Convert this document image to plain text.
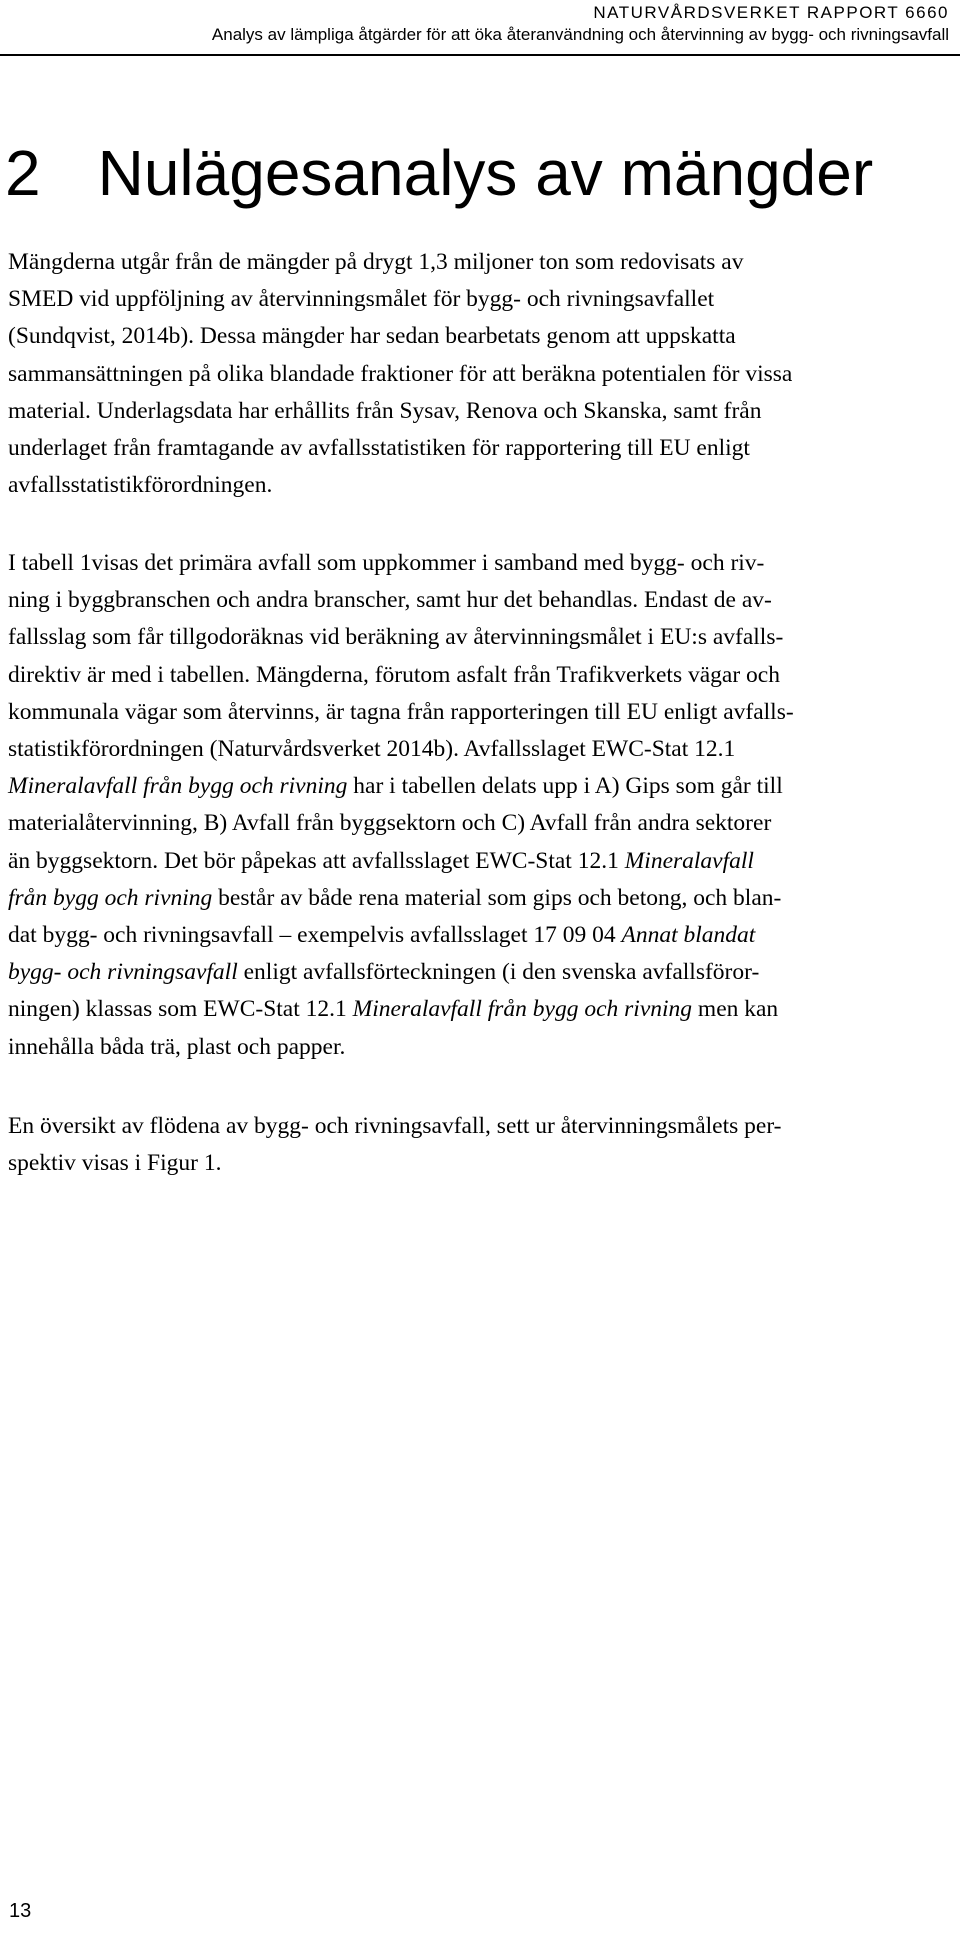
NATURVÅRDSVERKET RAPPORT 6660
Analys av lämpliga åtgärder för att öka återanvändning och återvinning av bygg- och rivningsavfall
2 Nulägesanalys av mängder

Mängderna utgår från de mängder på drygt 1,3 miljoner ton som redovisats av
SMED vid uppföljning av återvinningsmålet för bygg- och rivningsavfallet
(Sundqvist, 2014b). Dessa mängder har sedan bearbetats genom att uppskatta
sammansättningen på olika blandade fraktioner för att beräkna potentialen för vissa
material. Underlagsdata har erhållits från Sysav, Renova och Skanska, samt från
underlaget från framtagande av avfallsstatistiken för rapportering till EU enligt
avfallsstatistikförordningen.

I tabell 1visas det primära avfall som uppkommer i samband med bygg- och riv-
ning i byggbranschen och andra branscher, samt hur det behandlas. Endast de av-
fallsslag som får tillgodoräknas vid beräkning av återvinningsmålet i EU:s avfalls-
direktiv är med i tabellen. Mängderna, förutom asfalt från Trafikverkets vägar och
kommunala vägar som återvinns, är tagna från rapporteringen till EU enligt avfalls-
statistikförordningen (Naturvårdsverket 2014b). Avfallsslaget EWC-Stat 12.1
Mineralavfall från bygg och rivning har i tabellen delats upp i A) Gips som går till
materialåtervinning, B) Avfall från byggsektorn och C) Avfall från andra sektorer
än byggsektorn. Det bör påpekas att avfallsslaget EWC-Stat 12.1 Mineralavfall
från bygg och rivning består av både rena material som gips och betong, och blan-
dat bygg- och rivningsavfall – exempelvis avfallsslaget 17 09 04 Annat blandat
bygg- och rivningsavfall enligt avfallsförteckningen (i den svenska avfallsföror-
ningen) klassas som EWC-Stat 12.1 Mineralavfall från bygg och rivning men kan
innehålla båda trä, plast och papper.

En översikt av flödena av bygg- och rivningsavfall, sett ur återvinningsmålets per-
spektiv visas i Figur 1.

13
